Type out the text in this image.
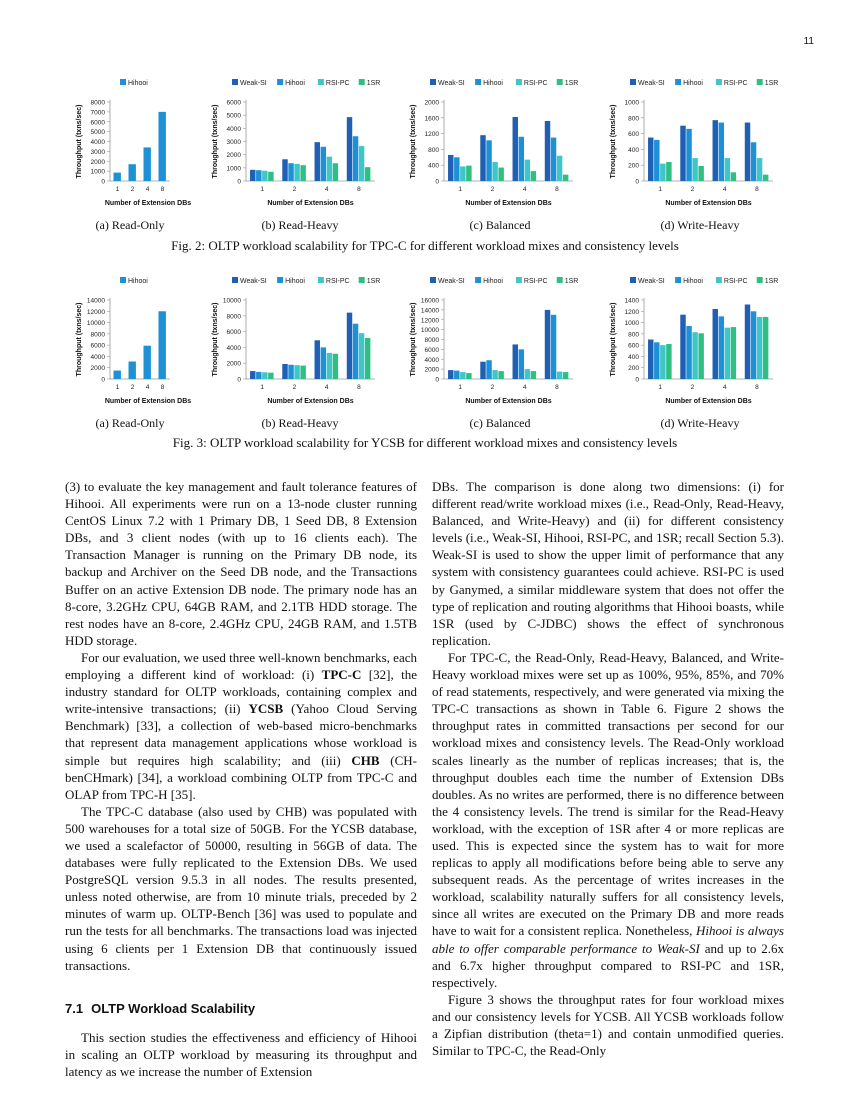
11
Hihooi
0
1000
2000
3000
4000
5000
6000
7000
8000
Throughput (txns/sec)
1 2 4 8
Number of Extension DBs
Weak-SI	Hihooi	RSI-PC 1SR
0
1000
2000
3000
4000
5000
6000
Throughput (txns/sec)
1	2	4	8
Number of Extension DBs
Weak-SI	Hihooi	RSI-PC 1SR
0
400
800
1200
1600
2000
Throughput (txns/sec)
1	2	4	8
Number of Extension DBs
Weak-SI	Hihooi	RSI-PC 1SR
0
200
400
600
800
1000
Throughput (txns/sec)
1	2	4	8
Number of Extension DBs
(a) Read-Only	(b) Read-Heavy	(c) Balanced	(d) Write-Heavy
Fig. 2: OLTP workload scalability for TPC-C for different workload mixes and consistency levels
Hihooi
0
2000
4000
6000
8000
10000
12000
14000
Throughput (txns/sec)
1 2 4 8
Number of Extension DBs
Weak-SI	Hihooi	RSI-PC 1SR
0
2000
4000
6000
8000
10000
Throughput (txns/sec)
1	2	4	8
Number of Extension DBs
Weak-SI	Hihooi	RSI-PC 1SR
0
2000
4000
6000
8000
10000
12000
14000
16000
Throughput (txns/sec)
1	2	4	8
Number of Extension DBs
Weak-SI	Hihooi	RSI-PC 1SR
0
200
400
600
800
1000
1200
1400
Throughput (txns/sec)
1	2	4	8
Number of Extension DBs
(a) Read-Only	(b) Read-Heavy	(c) Balanced	(d) Write-Heavy
Fig. 3: OLTP workload scalability for YCSB for different workload mixes and consistency levels

(3) to evaluate the key management and fault tolerance features of Hihooi. All experiments were run on a 13-node cluster running CentOS Linux 7.2 with 1 Primary DB, 1 Seed DB, 8 Extension DBs, and 3 client nodes (with up to 16 clients each). The Transaction Manager is running on the Primary DB node, its backup and Archiver on the Seed DB node, and the Transactions Buffer on an active Extension DB node. The primary node has an 8-core, 3.2GHz CPU, 64GB RAM, and 2.1TB HDD storage. The rest nodes have an 8-core, 2.4GHz CPU, 24GB RAM, and 1.5TB HDD storage.

For our evaluation, we used three well-known benchmarks, each employing a different kind of workload: (i) TPC-C [32], the industry standard for OLTP workloads, containing complex and write-intensive transactions; (ii) YCSB (Yahoo Cloud Serving Benchmark) [33], a collection of web-based micro-benchmarks that represent data management applications whose workload is simple but requires high scalability; and (iii) CHB (CH-benCHmark) [34], a workload combining OLTP from TPC-C and OLAP from TPC-H [35].

The TPC-C database (also used by CHB) was populated with 500 warehouses for a total size of 50GB. For the YCSB database, we used a scalefactor of 50000, resulting in 56GB of data. The databases were fully replicated to the Extension DBs. We used PostgreSQL version 9.5.3 in all nodes. The results presented, unless noted otherwise, are from 10 minute trials, preceded by 2 minutes of warm up. OLTP-Bench [36] was used to populate and run the tests for all benchmarks. The transactions load was injected using 6 clients per 1 Extension DB that continuously issued transactions.

7.1 OLTP Workload Scalability

This section studies the effectiveness and efficiency of Hihooi in scaling an OLTP workload by measuring its throughput and latency as we increase the number of Extension

DBs. The comparison is done along two dimensions: (i) for different read/write workload mixes (i.e., Read-Only, Read-Heavy, Balanced, and Write-Heavy) and (ii) for different consistency levels (i.e., Weak-SI, Hihooi, RSI-PC, and 1SR; recall Section 5.3). Weak-SI is used to show the upper limit of performance that any system with consistency guarantees could achieve. RSI-PC is used by Ganymed, a similar middleware system that does not offer the type of replication and routing algorithms that Hihooi boasts, while 1SR (used by C-JDBC) shows the effect of synchronous replication.

For TPC-C, the Read-Only, Read-Heavy, Balanced, and Write-Heavy workload mixes were set up as 100%, 95%, 85%, and 70% of read statements, respectively, and were generated via mixing the TPC-C transactions as shown in Table 6. Figure 2 shows the throughput rates in committed transactions per second for our workload mixes and consistency levels. The Read-Only workload scales linearly as the number of replicas increases; that is, the throughput doubles each time the number of Extension DBs doubles. As no writes are performed, there is no difference between the 4 consistency levels. The trend is similar for the Read-Heavy workload, with the exception of 1SR after 4 or more replicas are used. This is expected since the system has to wait for more replicas to apply all modifications before being able to serve any subsequent reads. As the percentage of writes increases in the workload, scalability naturally suffers for all consistency levels, since all writes are executed on the Primary DB and more reads have to wait for a consistent replica. Nonetheless, Hihooi is always able to offer comparable performance to Weak-SI and up to 2.6x and 6.7x higher throughput compared to RSI-PC and 1SR, respectively.

Figure 3 shows the throughput rates for four workload mixes and our consistency levels for YCSB. All YCSB workloads follow a Zipfian distribution (theta=1) and contain unmodified queries. Similar to TPC-C, the Read-Only
